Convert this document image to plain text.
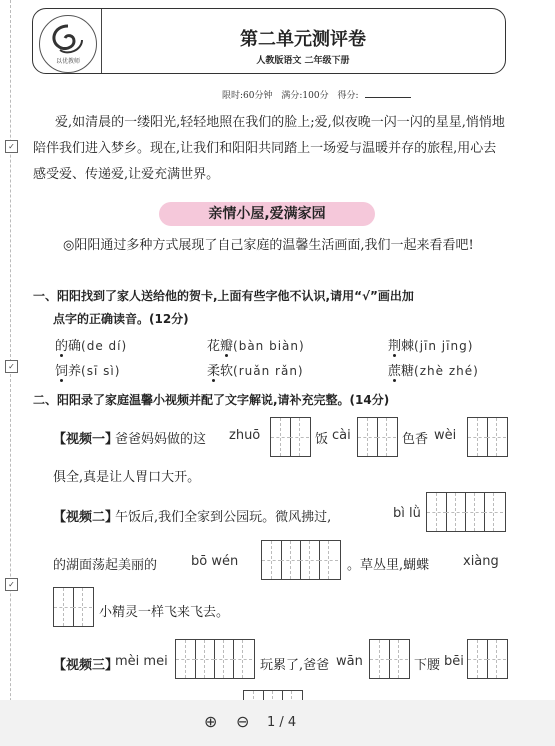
✓
✓
✓
以优教师
第二单元测评卷
人教版语文 二年级下册
限时:60分钟 满分:100分 得分:
爱,如清晨的一缕阳光,轻轻地照在我们的脸上;爱,似夜晚一闪一闪的星星,悄悄地陪伴我们进入梦乡。现在,让我们和阳阳共同踏上一场爱与温暖并存的旅程,用心去感受爱、传递爱,让爱充满世界。
亲情小屋,爱满家园
◎阳阳通过多种方式展现了自己家庭的温馨生活画面,我们一起来看看吧!
一、阳阳找到了家人送给他的贺卡,上面有些字他不认识,请用“√”画出加
点字的正确读音。(12分)
的确(de dí)	花瓣(bàn biàn)	荆棘(jīn jīng)
饲养(sī sì)	柔软(ruǎn rǎn)	蔗糖(zhè zhé)
二、阳阳录了家庭温馨小视频并配了文字解说,请补充完整。(14分)
【视频一】
爸爸妈妈做的这 zhuō	饭 cài	色香 wèi
俱全,真是让人胃口大开。
【视频二】
午饭后,我们全家到公园玩。微风拂过,	bì lǜ
的湖面荡起美丽的	bō wén	。草丛里,蝴蝶	xiàng
小精灵一样飞来飞去。
【视频三】
mèi mei	玩累了,爸爸 wān	下腰 bēi
⊕ ⊖ 1 / 4
